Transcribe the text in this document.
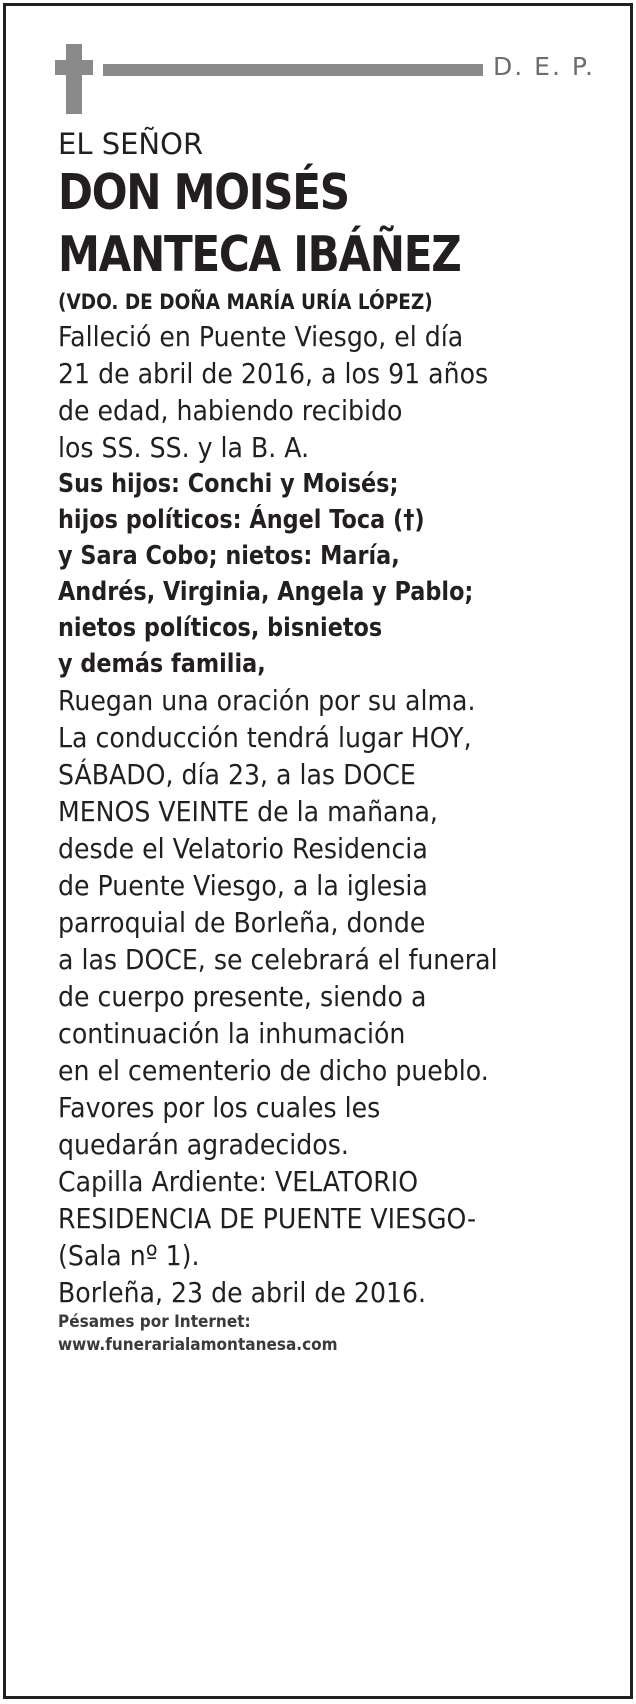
D. E. P.
EL SEÑOR
DON MOISÉS
MANTECA IBÁÑEZ
(VDO. DE DOÑA MARÍA URÍA LÓPEZ)
Falleció en Puente Viesgo, el día
21 de abril de 2016, a los 91 años
de edad, habiendo recibido
los SS. SS. y la B. A.
Sus hijos: Conchi y Moisés;
hijos políticos: Ángel Toca (†)
y Sara Cobo; nietos: María,
Andrés, Virginia, Angela y Pablo;
nietos políticos, bisnietos
y demás familia,
Ruegan una oración por su alma.
La conducción tendrá lugar HOY,
SÁBADO, día 23, a las DOCE
MENOS VEINTE de la mañana,
desde el Velatorio Residencia
de Puente Viesgo, a la iglesia
parroquial de Borleña, donde
a las DOCE, se celebrará el funeral
de cuerpo presente, siendo a
continuación la inhumación
en el cementerio de dicho pueblo.
Favores por los cuales les
quedarán agradecidos.
Capilla Ardiente: VELATORIO
RESIDENCIA DE PUENTE VIESGO-
(Sala nº 1).
Borleña, 23 de abril de 2016.
Pésames por Internet:
www.funerarialamontanesa.com
